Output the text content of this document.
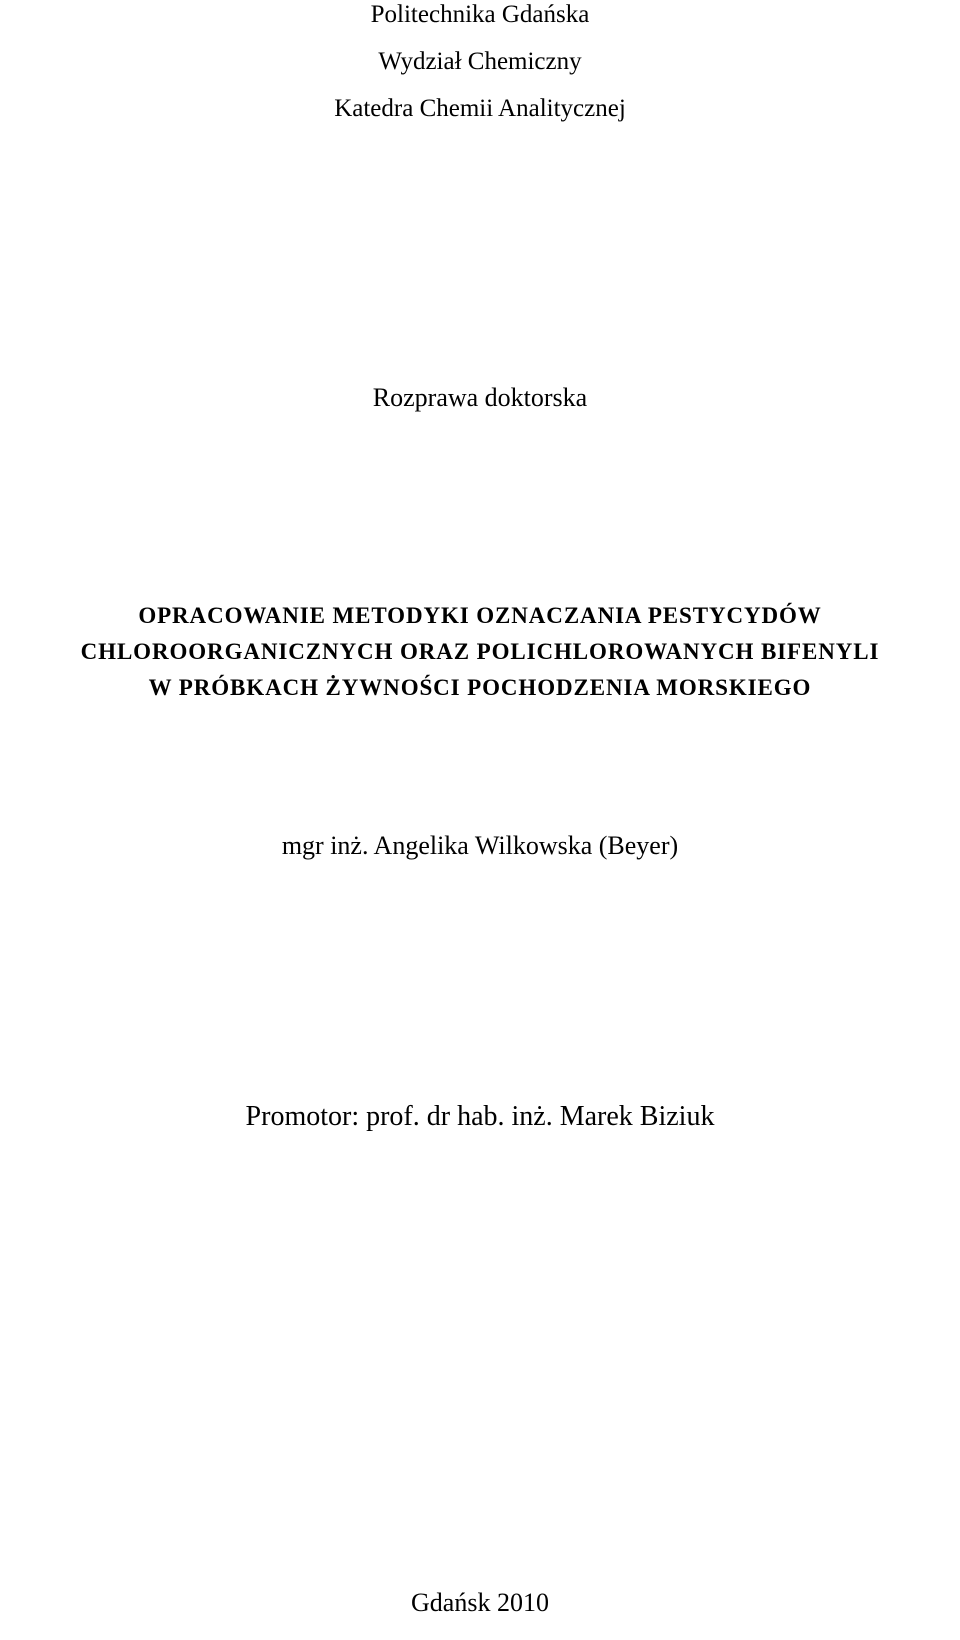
Politechnika Gdańska
Wydział Chemiczny
Katedra Chemii Analitycznej
Rozprawa doktorska
OPRACOWANIE METODYKI OZNACZANIA PESTYCYDÓW
CHLOROORGANICZNYCH ORAZ POLICHLOROWANYCH BIFENYLI
W PRÓBKACH ŻYWNOŚCI POCHODZENIA MORSKIEGO
mgr inż. Angelika Wilkowska (Beyer)
Promotor: prof. dr hab. inż. Marek Biziuk
Gdańsk 2010
